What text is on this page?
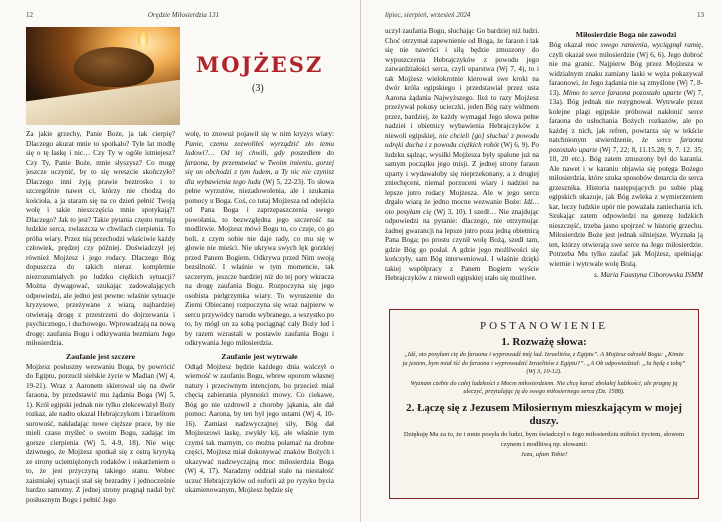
12	Orędzie Miłosierdzia 131
MOJŻESZ
(3)

Za jakie grzechy, Panie Boże, ja tak cierpię? Dlaczego akurat mnie to spotkało? Tyle lat modlę się o tę łaskę i nic… Czy Ty w ogóle istniejesz? Czy Ty, Panie Boże, mnie słyszysz? Co mogę jeszcze uczynić, by to się wreszcie skończyło? Dlaczego inni żyją prawie beztrosko i to szczególnie nawet ci, którzy nie chodzą do kościoła, a ja staram się na co dzień pełnić Twoją wolę i takie nieszczęścia mnie spotykają?! Dlaczego? Jak to jest? Takie pytania często nurtują ludzkie serca, zwłaszcza w chwilach cierpienia. To próba wiary. Przez nią przechodzi właściwie każdy człowiek, prędzej czy później. Doświadczył jej również Mojżesz i jego rodacy. Dlaczego Bóg dopuszcza do takich nieraz kompletnie niezrozumiałych po ludzku ciężkich sytuacji? Można dywagować, szukając zadowalających odpowiedzi, ale jedno jest pewne: właśnie sytuacje kryzysowe, przeżywane z wiarą, najbardziej otwierają drogę z przestrzeni do dojrzewania i psychicznego, i duchowego. Wprowadzają na nową drogę: zaufania Bogu i odkrywania bezmiaru Jego miłosierdzia.

Zaufanie jest szczere

Mojżesz posłuszny wezwaniu Boga, by powrócić do Egiptu, porzucił sielskie życie w Madian (Wj 4, 19-21). Wraz z Aaronem skierował się na dwór faraona, by przedstawić mu żądania Boga (Wj 5, 1). Król egipski jednak nie tylko zlekceważył Boży rozkaz, ale nadto okazał Hebrajczykom i Izraelitom surowość, nakładając nowe cięższe prace, by nie mieli czasu myśleć o swoim Bogu, zadając im gorsze cierpienia (Wj 5, 4-9, 18). Nie więc dziwnego, że Mojżesz spotkał się z ostrą krytyką ze strony uciemiężonych rodaków i oskarżeniem o to, że jest przyczyną takiego stanu. Wobec zaistniałej sytuacji stał się bezradny i jednocześnie bardzo samotny. Z jednej strony pragnął nadal być posłusznym Bogu i pełnić Jego

wolę, to znowuż pojawił się w nim kryzys wiary: Panie, czemu zezwoliłeś wyrządzić zło temu ludowi?… Od tej chwili, gdy poszedłem do faraona, by przemawiać w Twoim imieniu, gorzej się on obchodzi z tym ludem, a Ty nic nie czynisz dla wybawienia tego ludu (Wj 5, 22-23). To słowa pełne wyrzutów, niezadowolenia, ale i szukania pomocy u Boga. Coś, co tutaj Mojżesza od odejścia od Pana Boga i zaprzepaszczenia swego powołania, to bezwzględna jego szczerość na modlitwie. Mojżesz mówi Bogu to, co czuje, co go boli, z czym sobie nie daje rady, co mu się w głowie nie mieści. Nie ukrywa swych lęk gorzkiej przed Panem Bogiem. Odkrywa przed Nim swoją bezsilność. I właśnie w tym momencie, tak szczerym, jeszcze bardziej niż do tej pory wkracza na drogę zaufania Bogu. Rozpoczyna się jego osobista pielgrzymka wiary. To wyruszenie do Ziemi Obiecanej rozpoczyna się wraz najpierw w sercu przywódcy narodu wybranego, a wszystko po to, by mógł on za sobą pociągnąć cały Boży lud i by razem wzrastali w postawie zaufania Bogu i odkrywania Jego miłosierdzia.

Zaufanie jest wytrwałe

Odtąd Mojżesz będzie każdego dnia walczył o wierność w zaufaniu Bogu, wbrew oporom własnej natury i przeciwnym intencjom, bo przecież miał chęcią zabierania płynności mowy. Co ciekawe, Bóg go nie uzdrowił z choroby jąkania, ale dał pomoc: Aarona, by ten był jego ustami (Wj 4, 10-16). Zamiast nadzwyczajnej siły, Bóg dał Mojżeszowi laskę, zwykły kij, ale właśnie tym czymś tak marnym, co można połamać na drobne części, Mojżesz miał dokonywać znaków Bożych i ukazywać nadzwyczajną moc miłosierdzia Boga (Wj 4, 17). Naradzny oddział stale na niestałość uczuć Hebrajczyków od euforii aż po ryzyko bycia ukamienowanym, Mojżesz będzie się

lipiec, sierpień, wrzesień 2024	13

uczył zaufania Bogu, słuchając Go bardziej niż ludzi. Choć otrzymał zapewnienie od Boga, że faraon i tak się nie nawróci i siłą będzie zmuszony do wypuszczenia Hebrajczyków z powodu jego zatwardziałości serca, czyli uparstwa (Wj 7, 4), to i tak Mojżesz wielokrotnie kierował swe kroki na dwór króla egipskiego i przedstawiał przez usta Aarona żądania Najwyższego. Ileż to razy Mojżesz przeżywał pokusy ucieczki, jeden Bóg razy widmem przez, bardziej, że każdy wymagał Jego słowa pełne nadziei i obietnicy wybawienia Hebrajczyków z niewoli egipskiej, nie chcieli [go] słuchać z powodu udręki ducha i z powodu ciężkich robót (Wj 6, 9). Po ludzku sądząc, wysiłki Mojżesza były spalone już na samym początku jego misji. Z jednej strony faraon uparty i wydawałoby się nieprzekonany, a z drugiej zniechęceni, niemal porzuceni wiary i nadziei na lepsze jutro rodacy Mojżesza. Ale w jego sercu drgało wiarą że jedno mocne wezwanie Boże: Idź… oto posyłam cię (Wj 3, 10). I szedł… Nie znajdując odpowiedzi na pytanie: dlaczego, nie otrzymując żadnej gwarancji na lepsze jutro poza jedną obietnicą Pana Boga; po prostu czynił wolę Bożą, szedł tam, gdzie Bóg go posłał. A gdzie jego możliwości się kończyły, sam Bóg interweniował. I właśnie dzięki takiej współpracy z Panem Bogiem wyście Hebrajczyków z niewoli egipskiej stało się możliwe.

Miłosierdzie Boga nie zawodzi

Bóg okazał moc swego ramienia, wyciągnął ramię, czyli okazał swe miłosierdzie (Wj 6, 6). Jego dobroć nie ma granic. Najpierw Bóg przez Mojżesza w widzialnym znaku zamiany laski w węża pokazywał faraonowi, że Jego żądania nie są zmyślone (Wj 7, 8-13). Mimo to serce faraona pozostało uparte (Wj 7, 13a). Bóg jednak nie rezygnował. Wytrwale przez kolejne plagi egipskie próbował nakłonić serce faraona do usłuchania Bożych rozkazów, ale po każdej z nich, jak refren, powtarza się w tekście natchnionym stwierdzenie, że serce faraona pozostało uparte (Wj 7, 22; 8, 11.15.28; 9, 7. 12. 35; 10, 20 etc.). Bóg zatem zmuszony był do karania. Ale nawet i w karaniu objawia się potęga Bożego miłosierdzia, które szuka sposobów dotarcia do serca grzesznika. Historia następujących po sobie plag egipskich ukazuje, jak Bóg zwleka z wymierzeniem kar, leczy ludzkie upór nie poważała zaniechania ich. Szukając zatem odpowiedzi na genezę ludzkich nieszczęść, trzeba jasno spojrzeć w historię grzechu. Miłosierdzie Boże jest jednak silniejsze. Wyznała ją ten, którzy otwierają swe serce na Jego miłosierdzie. Potrzeba Mu tylko zaufać jak Mojżesz, spełniając wiernie i wytrwale wolę Bożą.

s. Maria Faustyna Ciborowska ISMM

POSTANOWIENIE
1. Rozważę słowa:

„Idź, oto posyłam cię do faraona i wyprowadź mój lud. Izraelitów, z Egiptu”. A Mojżesz odrzekł Bogu: „Kimże ja jestem, bym miał iść do faraona i wyprowadzić Izraelitów z Egiptu?”. „A Ob odpowiedział: „Ja będę z tobą” (Wj 3, 10-12).

Wyznam czebie do całej ludzkości z Mocm miłosierdziem. Nie chcę karać zbolałej ludzkości, ale pragnę ją uleczyć, przytulając ją do swego miłosiernego serca (Dz. 1588).

2. Łączę się z Jezusem Miłosiernym mieszkającym w mojej duszy.

Dziękuję Mu za to, że i mnie posyła do ludzi, bym świadczył o Jego miłosierdziu miłości życiem, słowem czynem i modlitwą np. słowami:

Jezu, ufam Tobie!
